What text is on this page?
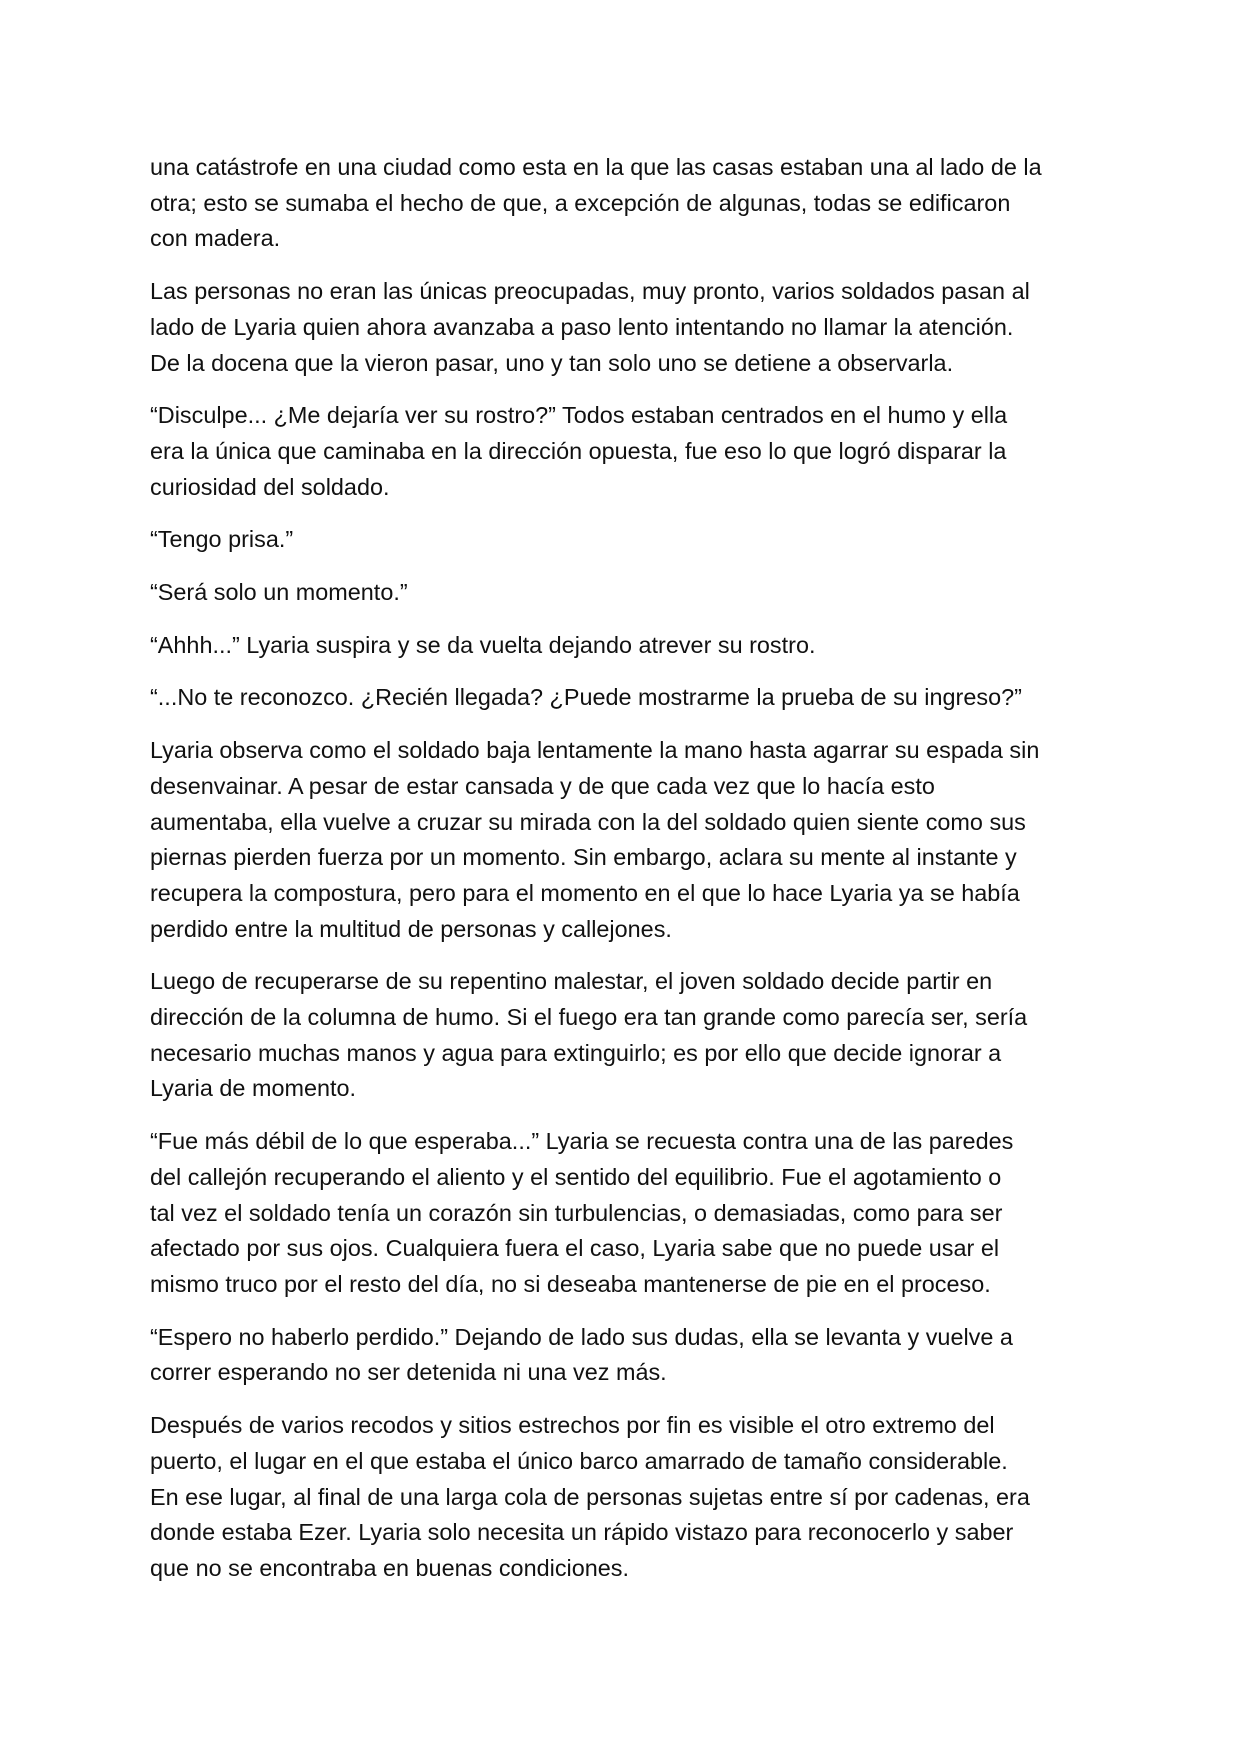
una catástrofe en una ciudad como esta en la que las casas estaban una al lado de la
otra; esto se sumaba el hecho de que, a excepción de algunas, todas se edificaron
con madera.

Las personas no eran las únicas preocupadas, muy pronto, varios soldados pasan al
lado de Lyaria quien ahora avanzaba a paso lento intentando no llamar la atención.
De la docena que la vieron pasar, uno y tan solo uno se detiene a observarla.

“Disculpe... ¿Me dejaría ver su rostro?” Todos estaban centrados en el humo y ella
era la única que caminaba en la dirección opuesta, fue eso lo que logró disparar la
curiosidad del soldado.

“Tengo prisa.”

“Será solo un momento.”

“Ahhh...” Lyaria suspira y se da vuelta dejando atrever su rostro.

“...No te reconozco. ¿Recién llegada? ¿Puede mostrarme la prueba de su ingreso?”

Lyaria observa como el soldado baja lentamente la mano hasta agarrar su espada sin
desenvainar. A pesar de estar cansada y de que cada vez que lo hacía esto
aumentaba, ella vuelve a cruzar su mirada con la del soldado quien siente como sus
piernas pierden fuerza por un momento. Sin embargo, aclara su mente al instante y
recupera la compostura, pero para el momento en el que lo hace Lyaria ya se había
perdido entre la multitud de personas y callejones.

Luego de recuperarse de su repentino malestar, el joven soldado decide partir en
dirección de la columna de humo. Si el fuego era tan grande como parecía ser, sería
necesario muchas manos y agua para extinguirlo; es por ello que decide ignorar a
Lyaria de momento.

“Fue más débil de lo que esperaba...” Lyaria se recuesta contra una de las paredes
del callejón recuperando el aliento y el sentido del equilibrio. Fue el agotamiento o
tal vez el soldado tenía un corazón sin turbulencias, o demasiadas, como para ser
afectado por sus ojos. Cualquiera fuera el caso, Lyaria sabe que no puede usar el
mismo truco por el resto del día, no si deseaba mantenerse de pie en el proceso.

“Espero no haberlo perdido.” Dejando de lado sus dudas, ella se levanta y vuelve a
correr esperando no ser detenida ni una vez más.

Después de varios recodos y sitios estrechos por fin es visible el otro extremo del
puerto, el lugar en el que estaba el único barco amarrado de tamaño considerable.
En ese lugar, al final de una larga cola de personas sujetas entre sí por cadenas, era
donde estaba Ezer. Lyaria solo necesita un rápido vistazo para reconocerlo y saber
que no se encontraba en buenas condiciones.
